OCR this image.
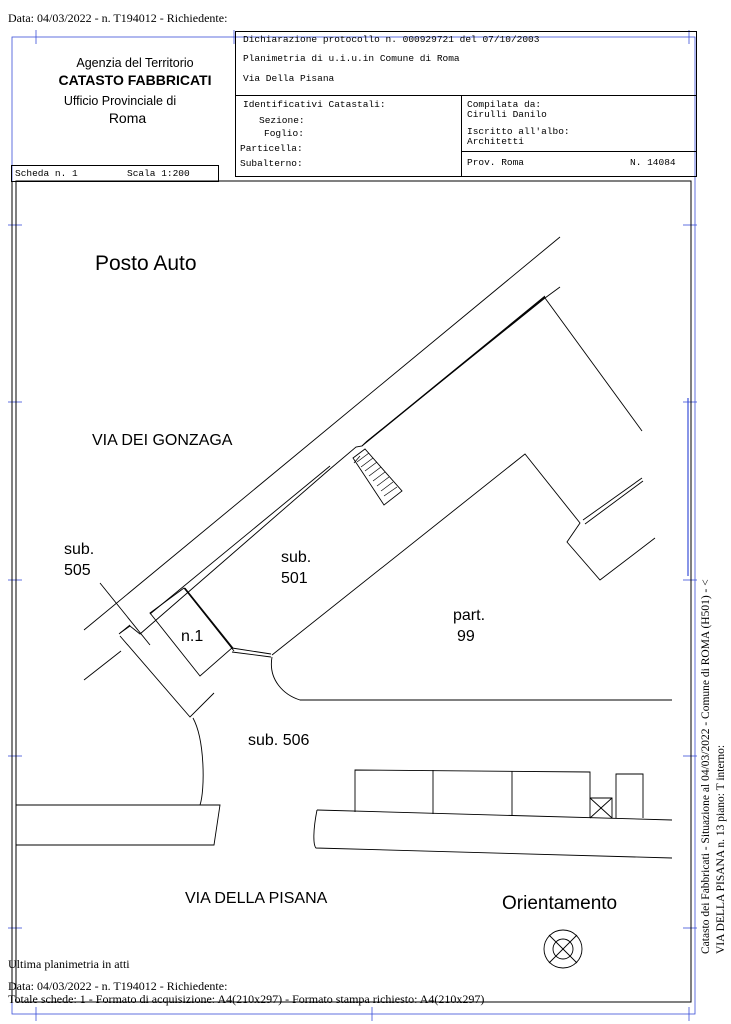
Data: 04/03/2022 - n. T194012 - Richiedente:
Agenzia del Territorio
CATASTO FABBRICATI
Ufficio Provinciale di
Roma
Dichiarazione protocollo n. 000929721 del 07/10/2003
Planimetria di u.i.u.in Comune di Roma
Via Della Pisana
Identificativi Catastali:
Sezione:
Foglio:
Particella:
Subalterno:
Compilata da:
Cirulli Danilo
Iscritto all'albo:
Architetti
Prov. Roma	N. 14084
Scheda n. 1	Scala 1:200
Posto Auto
VIA DEI GONZAGA
sub.
505
sub.
501
n.1
part.
99
sub. 506
VIA DELLA PISANA	Orientamento	Catasto dei Fabbricati - Situazione al 04/03/2022 - Comune di ROMA (H501) - < VIA DELLA PISANA n. 13 piano: T interno:
Ultima planimetria in atti
Data: 04/03/2022 - n. T194012 - Richiedente:
Totale schede: 1 - Formato di acquisizione: A4(210x297) - Formato stampa richiesto: A4(210x297)
